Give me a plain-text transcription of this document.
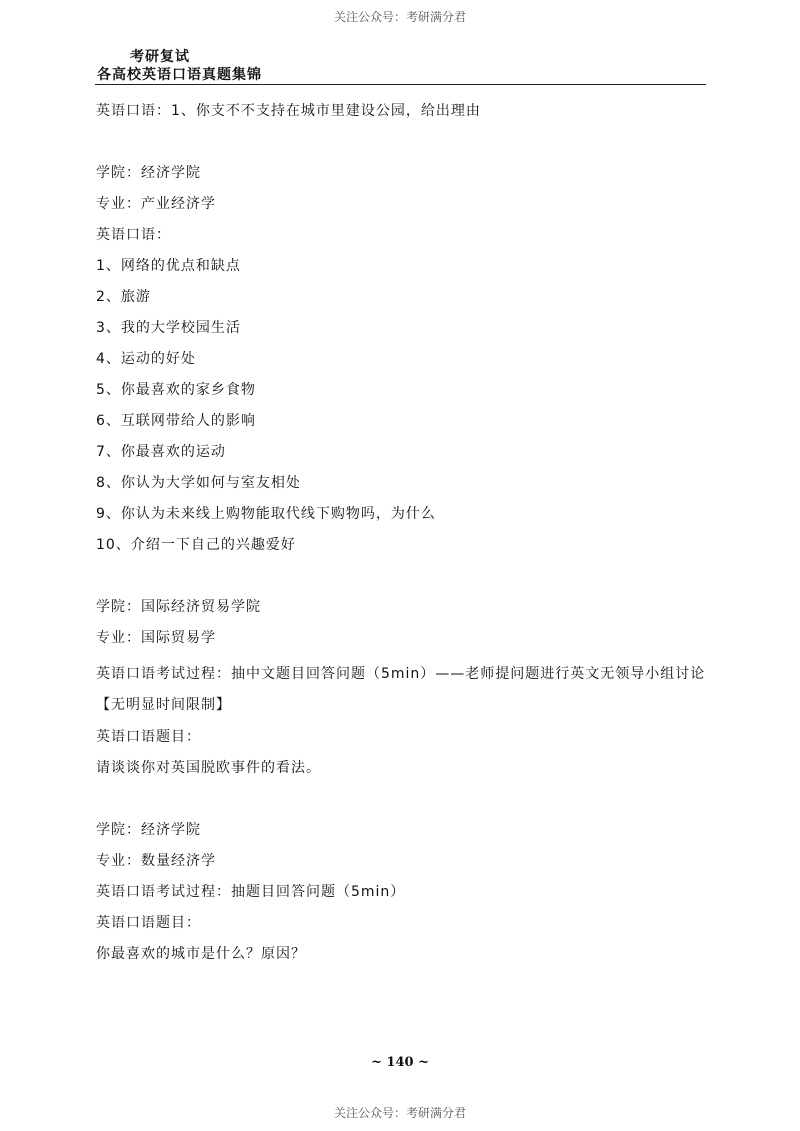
关注公众号：考研满分君
考研复试
各高校英语口语真题集锦
英语口语：1、你支不不支持在城市里建设公园，给出理由
学院：经济学院
专业：产业经济学
英语口语：
1、网络的优点和缺点
2、旅游
3、我的大学校园生活
4、运动的好处
5、你最喜欢的家乡食物
6、互联网带给人的影响
7、你最喜欢的运动
8、你认为大学如何与室友相处
9、你认为未来线上购物能取代线下购物吗，为什么
10、介绍一下自己的兴趣爱好
学院：国际经济贸易学院
专业：国际贸易学
英语口语考试过程：抽中文题目回答问题（5min）——老师提问题进行英文无领导小组讨论【无明显时间限制】
英语口语题目：
请谈谈你对英国脱欧事件的看法。
学院：经济学院
专业：数量经济学
英语口语考试过程：抽题目回答问题（5min）
英语口语题目：
你最喜欢的城市是什么？原因？
~ 140 ~
关注公众号：考研满分君
